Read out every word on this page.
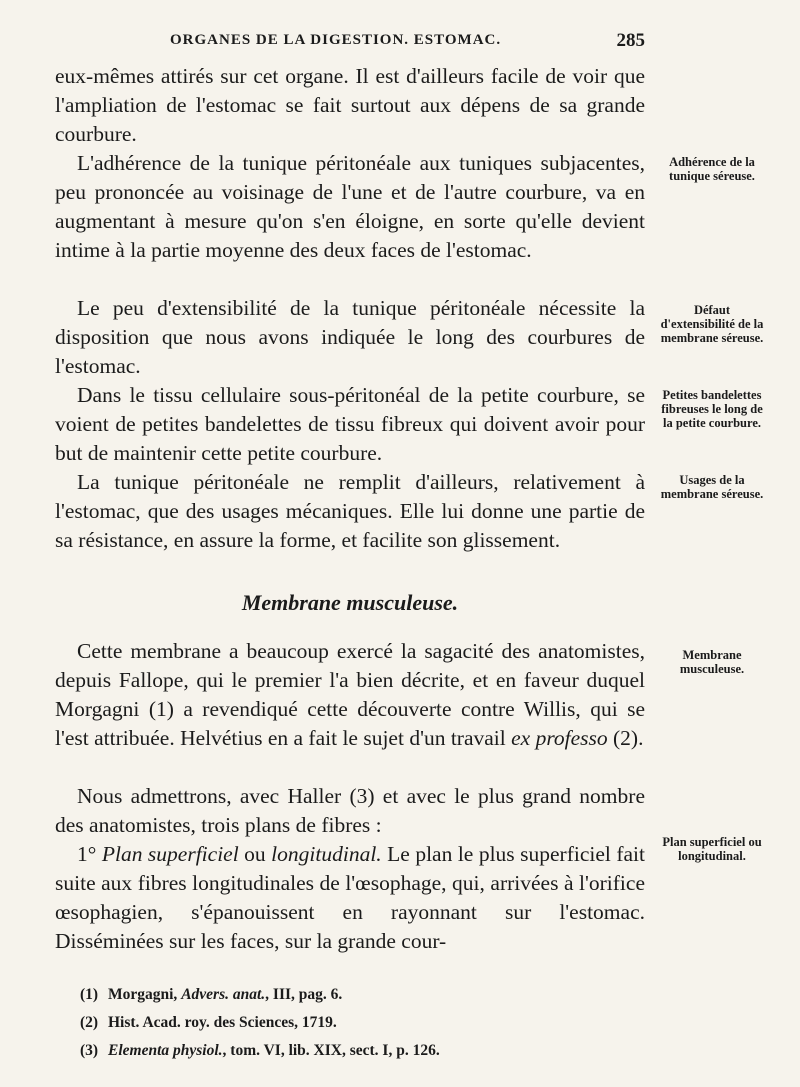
ORGANES DE LA DIGESTION. ESTOMAC.	285

eux-mêmes attirés sur cet organe. Il est d'ailleurs facile de voir que l'ampliation de l'estomac se fait surtout aux dépens de sa grande courbure.

L'adhérence de la tunique péritonéale aux tuniques subjacentes, peu prononcée au voisinage de l'une et de l'autre courbure, va en augmentant à mesure qu'on s'en éloigne, en sorte qu'elle devient intime à la partie moyenne des deux faces de l'estomac.

Le peu d'extensibilité de la tunique péritonéale nécessite la disposition que nous avons indiquée le long des courbures de l'estomac.

Dans le tissu cellulaire sous-péritonéal de la petite courbure, se voient de petites bandelettes de tissu fibreux qui doivent avoir pour but de maintenir cette petite courbure.

La tunique péritonéale ne remplit d'ailleurs, relativement à l'estomac, que des usages mécaniques. Elle lui donne une partie de sa résistance, en assure la forme, et facilite son glissement.

Membrane musculeuse.

Cette membrane a beaucoup exercé la sagacité des anatomistes, depuis Fallope, qui le premier l'a bien décrite, et en faveur duquel Morgagni (1) a revendiqué cette découverte contre Willis, qui se l'est attribuée. Helvétius en a fait le sujet d'un travail ex professo (2).

Nous admettrons, avec Haller (3) et avec le plus grand nombre des anatomistes, trois plans de fibres :

1° Plan superficiel ou longitudinal. Le plan le plus superficiel fait suite aux fibres longitudinales de l'œsophage, qui, arrivées à l'orifice œsophagien, s'épanouissent en rayonnant sur l'estomac. Disséminées sur les faces, sur la grande cour-

Adhérence de la tunique séreuse.
Défaut d'extensibilité de la membrane séreuse.
Petites bandelettes fibreuses le long de la petite courbure.
Usages de la membrane séreuse.
Membrane musculeuse.
Plan superficiel ou longitudinal.
(1) Morgagni, Advers. anat., III, pag. 6.
(2) Hist. Acad. roy. des Sciences, 1719.
(3) Elementa physiol., tom. VI, lib. XIX, sect. I, p. 126.
